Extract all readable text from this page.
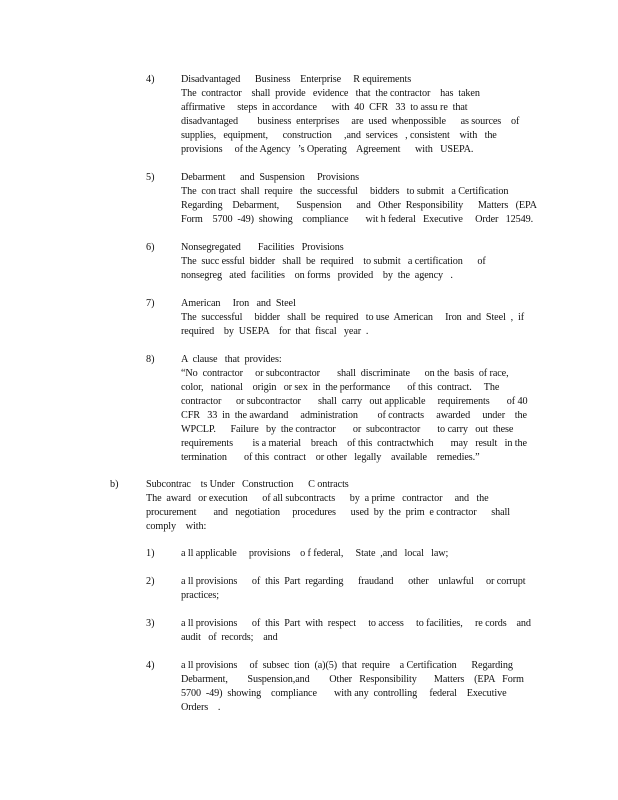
4)	Disadvantaged      Business    Enterprise     R equirements
The  contractor    shall  provide   evidence   that  the contractor    has  taken
affirmative     steps  in accordance      with  40  CFR   33  to assu re  that
disadvantaged        business  enterprises     are  used  whenpossible      as sources    of
supplies,   equipment,      construction     ,and  services   , consistent    with   the
provisions     of the Agency   ’s Operating    Agreement      with   USEPA.
5)	Debarment      and  Suspension     Provisions
The  con tract  shall  require   the  successful     bidders   to submit   a Certification
Regarding    Debarment,       Suspension      and   Other  Responsibility      Matters   (EPA
Form    5700  -49)  showing    compliance       wit h federal   Executive     Order   12549.
6)	Nonsegregated       Facilities   Provisions
The  succ essful  bidder   shall  be  required    to submit   a certification      of
nonsegreg   ated  facilities    on forms   provided    by  the  agency   .
7)	American     Iron   and  Steel
The  successful     bidder   shall  be  required   to use  American     Iron  and  Steel  ,  if
required    by  USEPA    for  that  fiscal   year  .
8)	A  clause   that  provides:
“No  contractor     or subcontractor       shall  discriminate      on the  basis  of race,
color,   national    origin   or sex  in  the performance       of this  contract.     The
contractor      or subcontractor       shall  carry   out applicable     requirements       of 40
CFR   33  in  the awardand     administration        of contracts     awarded     under    the
WPCLP.      Failure   by  the contractor       or  subcontractor       to carry   out  these
requirements        is a material    breach    of this  contractwhich       may   result   in the
termination       of this  contract    or other   legally    available    remedies.”
b)	Subcontrac    ts Under   Construction      C ontracts
The  award   or execution      of all subcontracts      by  a prime   contractor     and   the
procurement       and   negotiation     procedures      used  by  the  prim  e contractor      shall
comply    with:
1)	a ll applicable     provisions    o f federal,     State  ,and   local   law;
2)	a ll provisions      of  this  Part  regarding      fraudand      other    unlawful     or corrupt
practices;
3)	a ll provisions      of  this  Part  with  respect     to access     to facilities,     re cords    and
audit   of  records;    and
4)	a ll provisions     of  subsec  tion  (a)(5)  that  require    a Certification      Regarding
Debarment,        Suspension,and        Other   Responsibility       Matters    (EPA   Form
5700  -49)  showing    compliance       with any  controlling     federal    Executive
Orders    .
